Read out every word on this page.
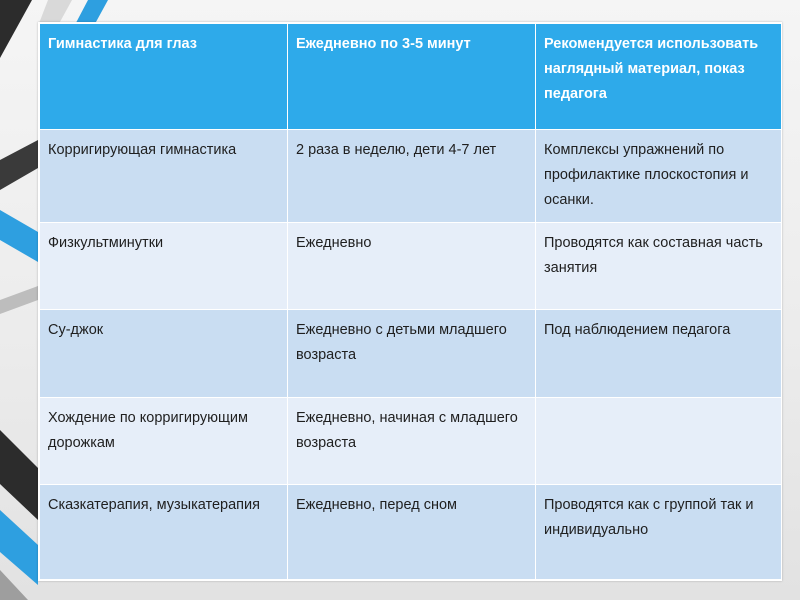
Гимнастика для глаз	Ежедневно по 3-5 минут	Рекомендуется использовать наглядный материал, показ педагога
Корригирующая гимнастика	2 раза в неделю, дети 4-7 лет	Комплексы упражнений по профилактике плоскостопия и осанки.
Физкультминутки	Ежедневно	Проводятся как составная часть занятия
Су-джок	Ежедневно с детьми младшего возраста	Под наблюдением педагога
Хождение по корригирующим дорожкам	Ежедневно, начиная с младшего возраста	
Сказкатерапия, музыкатерапия	Ежедневно, перед сном	Проводятся как с группой так и индивидуально
